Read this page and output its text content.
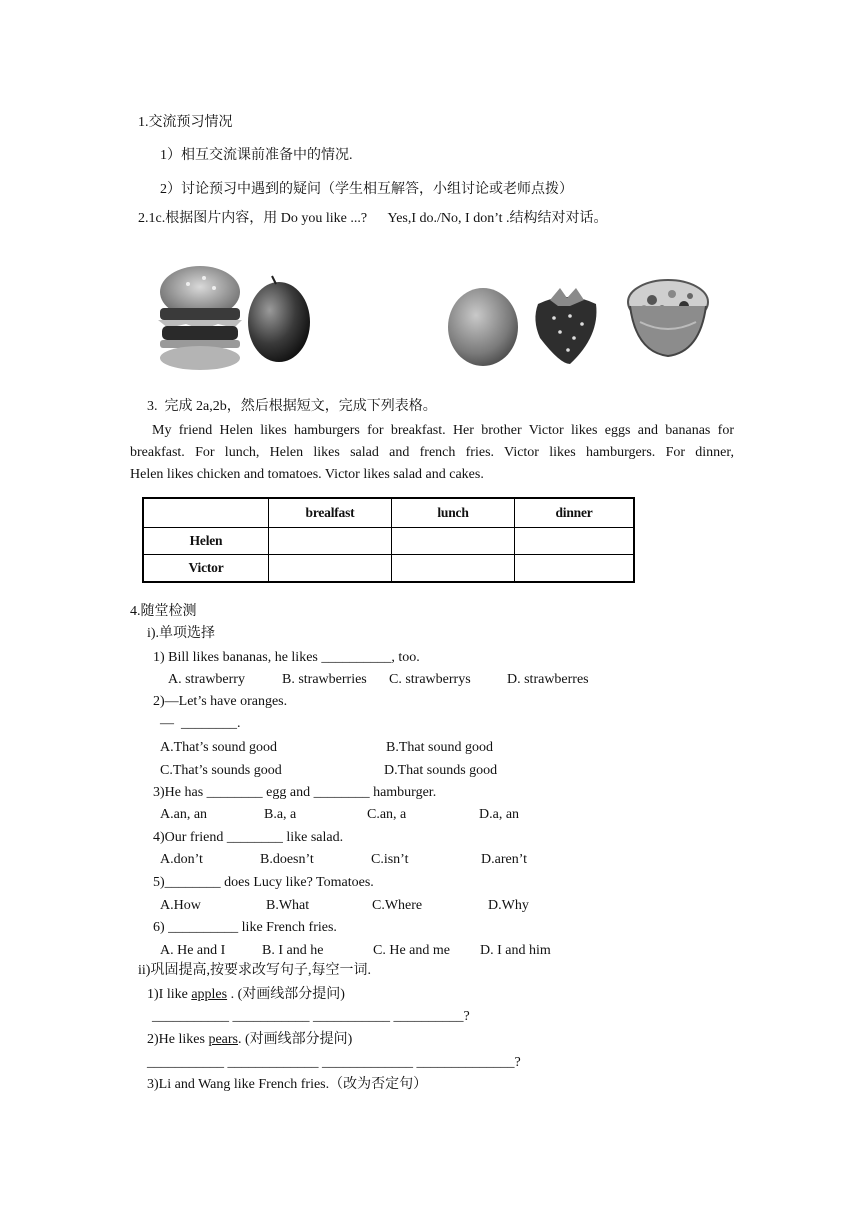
1.交流预习情况
1）相互交流课前准备中的情况.
2）讨论预习中遇到的疑问（学生相互解答，小组讨论或老师点拨）
2.1c.根据图片内容，用 Do you like ...?      Yes,I do./No, I don’t .结构结对对话。
3.  完成 2a,2b，然后根据短文，完成下列表格。
My friend Helen likes hamburgers for breakfast. Her brother Victor likes eggs and bananas for
breakfast. For lunch, Helen likes salad and french fries. Victor likes hamburgers. For dinner,
Helen likes chicken and tomatoes. Victor likes salad and cakes.
	brealfast	lunch	dinner
Helen			
Victor			
4.随堂检测
i).单项选择
1) Bill likes bananas, he likes __________, too.
A. strawberry	B. strawberries C. strawberrys	D. strawberres
2)—Let’s have oranges.
—  ________.
A.That’s sound good	B.That sound good
C.That’s sounds good	D.That sounds good
3)He has ________ egg and ________ hamburger.
A.an, an	B.a, a	C.an, a	D.a, an
4)Our friend ________ like salad.
A.don’t	B.doesn’t	C.isn’t	D.aren’t
5)________ does Lucy like? Tomatoes.
A.How	B.What	C.Where	D.Why
6) __________ like French fries.
A. He and I	B. I and he	C. He and me D. I and him
ii)巩固提高,按要求改写句子,每空一词.
1)I like apples . (对画线部分提问)
___________ ___________ ___________ __________?
2)He likes pears. (对画线部分提问)
___________ _____________ _____________ ______________?
3)Li and Wang like French fries.（改为否定句）
